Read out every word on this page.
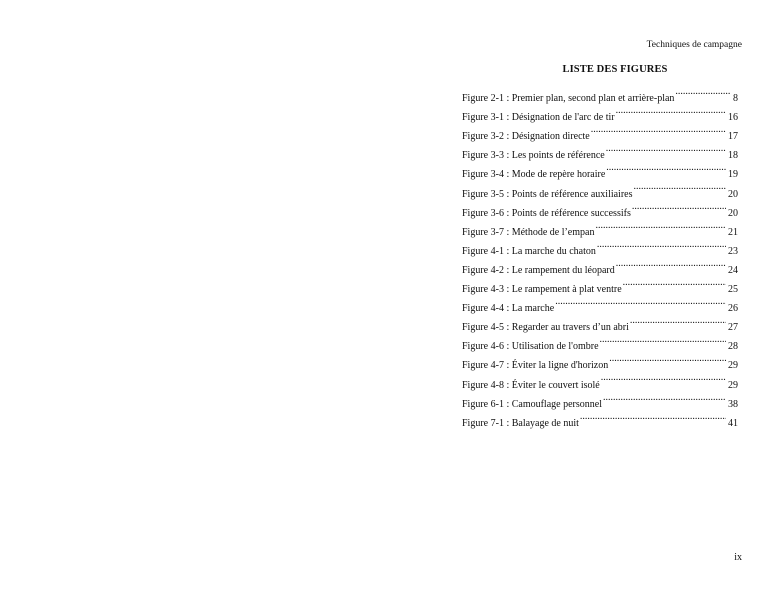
Techniques de campagne
LISTE DES FIGURES
Figure 2-1 : Premier plan, second plan et arrière-plan .....	8
Figure 3-1 : Désignation de l'arc de tir .....	16
Figure 3-2 : Désignation directe .....	17
Figure 3-3 : Les points de référence .....	18
Figure 3-4 : Mode de repère horaire .....	19
Figure 3-5 : Points de référence auxiliaires .....	20
Figure 3-6 : Points de référence successifs .....	20
Figure 3-7 : Méthode de l’empan .....	21
Figure 4-1 : La marche du chaton .....	23
Figure 4-2 : Le rampement du léopard .....	24
Figure 4-3 : Le rampement à plat ventre .....	25
Figure 4-4 : La marche .....	26
Figure 4-5 : Regarder au travers d’un abri .....	27
Figure 4-6 : Utilisation de l'ombre .....	28
Figure 4-7 : Éviter la ligne d'horizon .....	29
Figure 4-8 : Éviter le couvert isolé .....	29
Figure 6-1 : Camouflage personnel .....	38
Figure 7-1 : Balayage de nuit .....	41
ix
